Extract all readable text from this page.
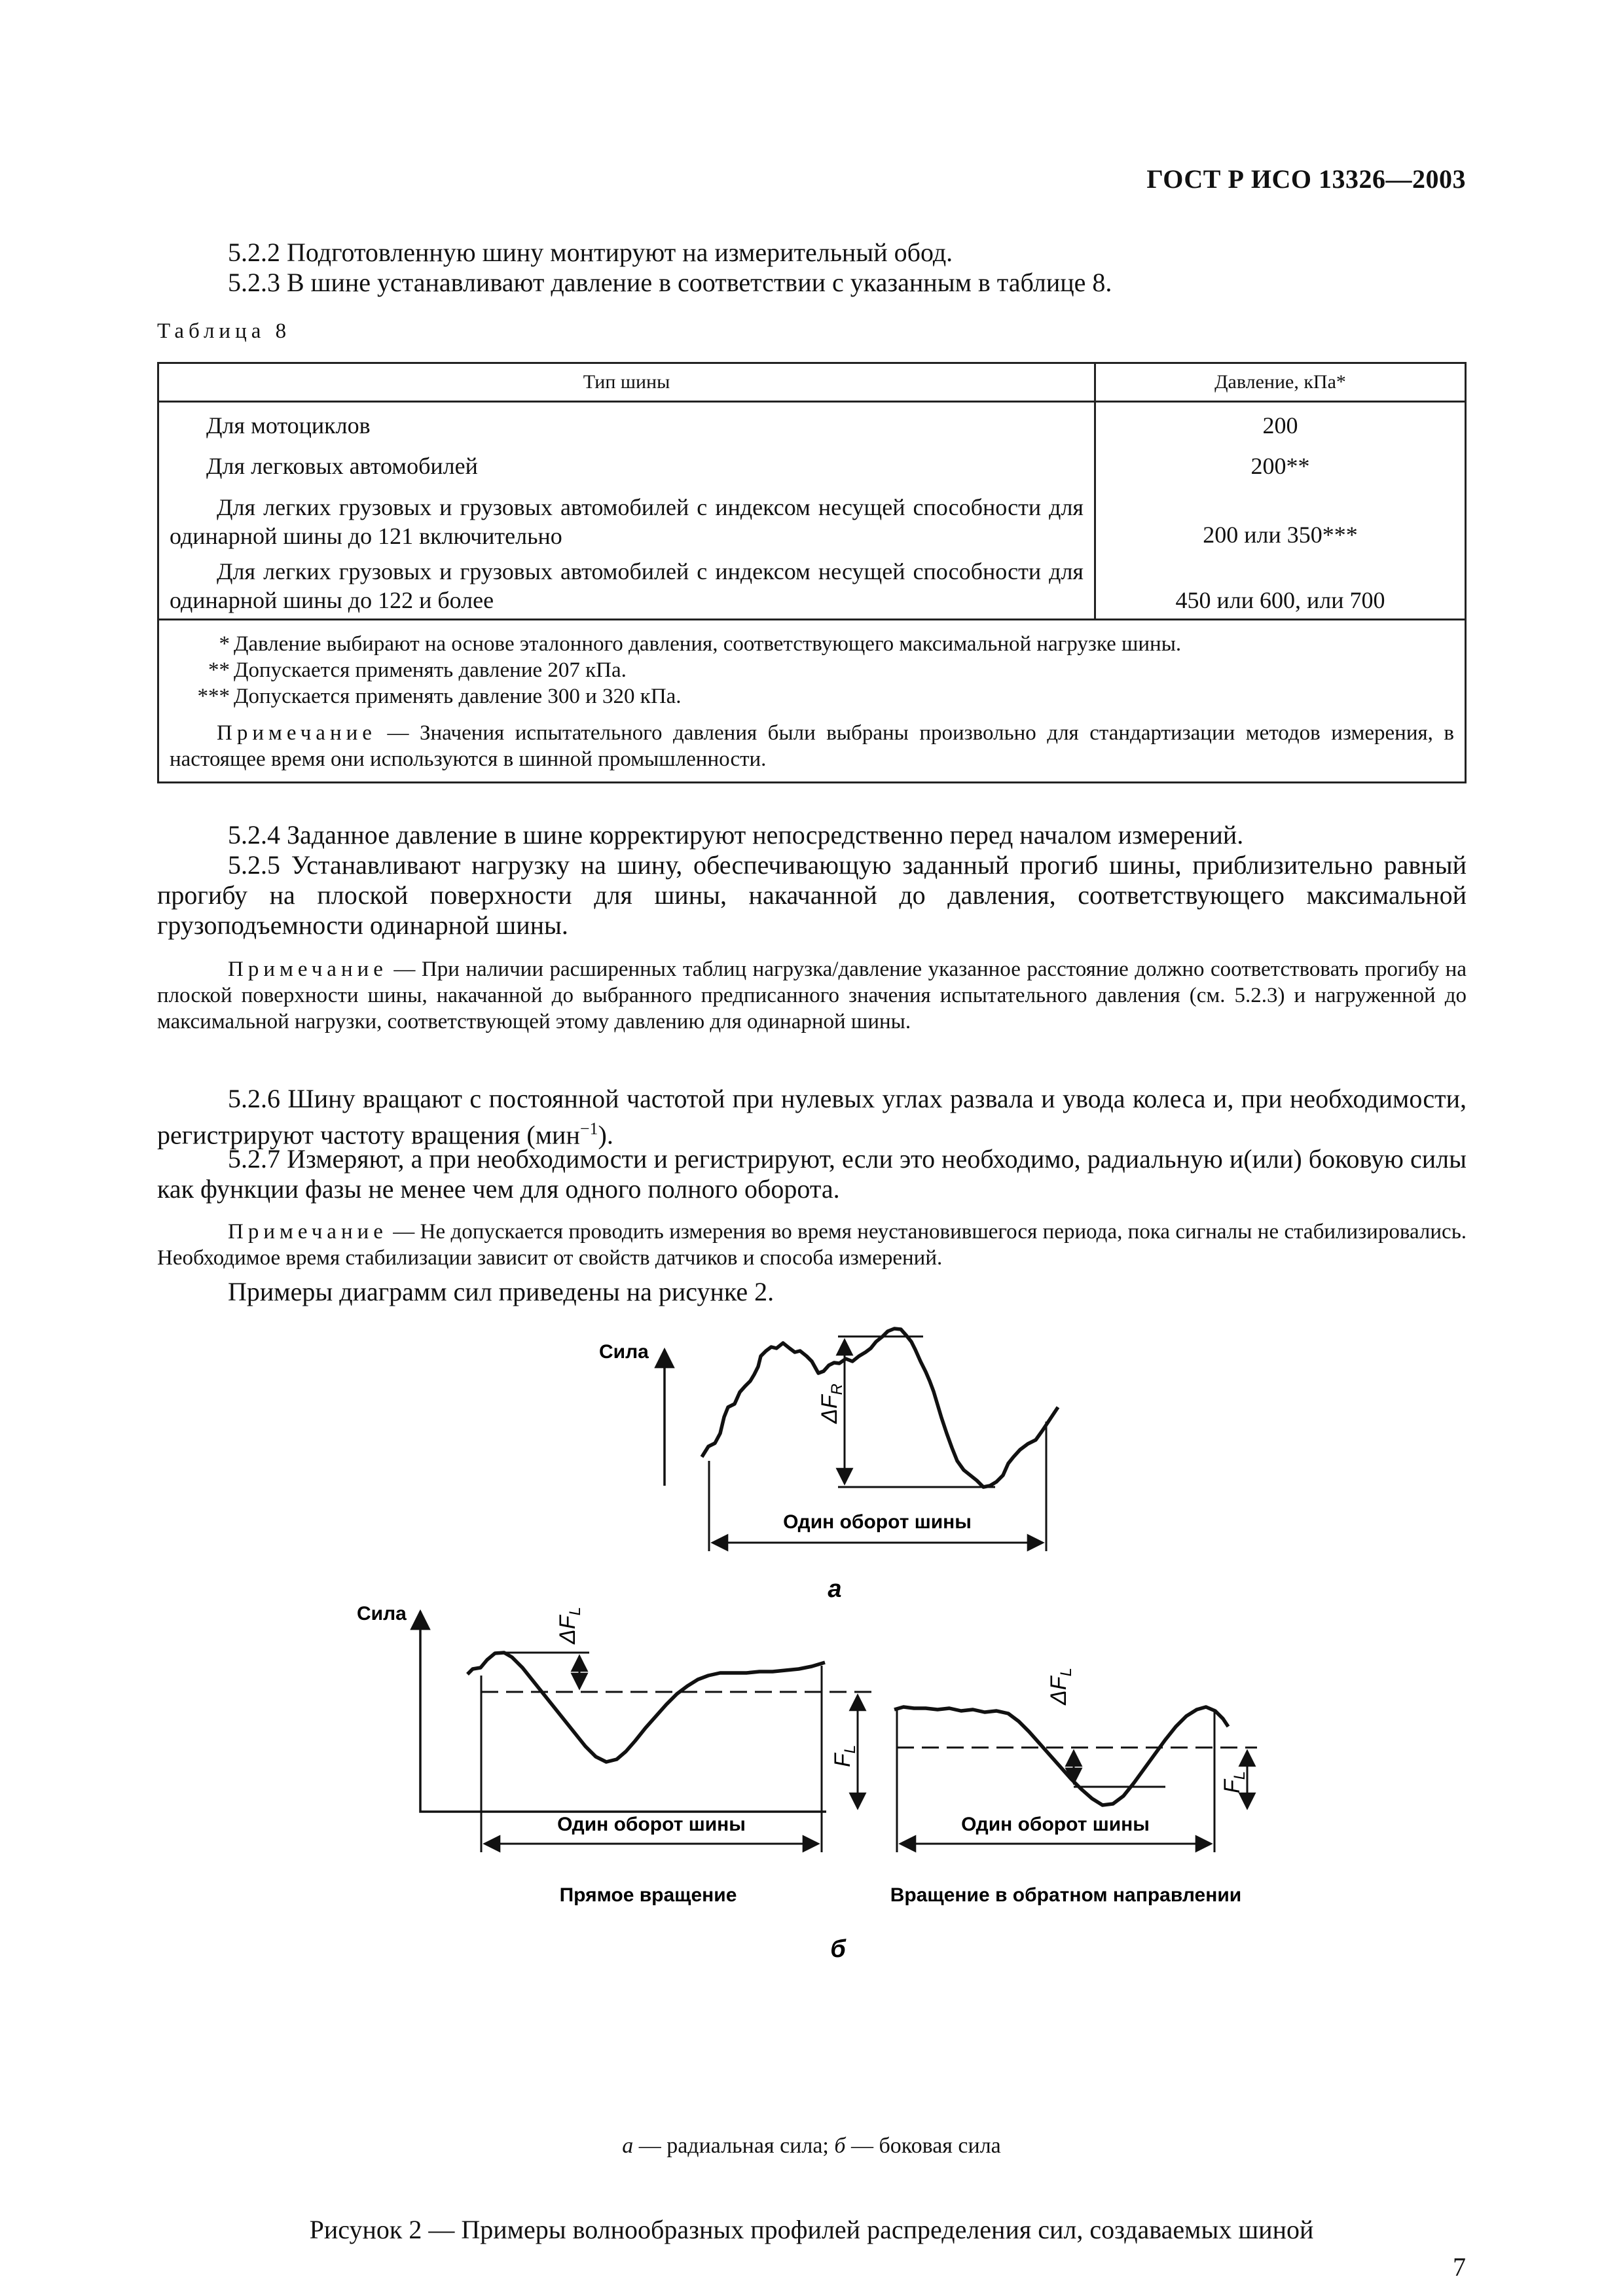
ГОСТ Р ИСО 13326—2003
5.2.2 Подготовленную шину монтируют на измерительный обод.
5.2.3 В шине устанавливают давление в соответствии с указанным в таблице 8.
Таблица 8
Тип шины	Давление, кПа*
Для мотоциклов	200
Для легковых автомобилей	200**
Для легких грузовых и грузовых автомобилей с индексом несущей способности для одинарной шины до 121 включительно	200 или 350***
Для легких грузовых и грузовых автомобилей с индексом несущей способности для одинарной шины до 122 и более	450 или 600, или 700

* Давление выбирают на основе эталонного давления, соответствующего максимальной нагрузке шины.
** Допускается применять давление 207 кПа.
*** Допускается применять давление 300 и 320 кПа.
Примечание — Значения испытательного давления были выбраны произвольно для стандартизации методов измерения, в настоящее время они используются в шинной промышленности.	
5.2.4 Заданное давление в шине корректируют непосредственно перед началом измерений.
5.2.5 Устанавливают нагрузку на шину, обеспечивающую заданный прогиб шины, приблизительно равный прогибу на плоской поверхности для шины, накачанной до давления, соответствующего максимальной грузоподъемности одинарной шины.
Примечание — При наличии расширенных таблиц нагрузка/давление указанное расстояние должно соответствовать прогибу на плоской поверхности шины, накачанной до выбранного предписанного значения испытательного давления (см. 5.2.3) и нагруженной до максимальной нагрузки, соответствующей этому давлению для одинарной шины.
5.2.6 Шину вращают с постоянной частотой при нулевых углах развала и увода колеса и, при необходимости, регистрируют частоту вращения (мин$^{-1}$).
5.2.7 Измеряют, а при необходимости и регистрируют, если это необходимо, радиальную и(или) боковую силы как функции фазы не менее чем для одного полного оборота.
Примечание — Не допускается проводить измерения во время неустановившегося периода, пока сигналы не стабилизировались. Необходимое время стабилизации зависит от свойств датчиков и способа измерений.
Примеры диаграмм сил приведены на рисунке 2.
Сила
$\Delta F_R$
Один оборот шины
а
Сила
$\Delta F_L$
$F_L$
Один оборот шины
Прямое вращение
$\Delta F_L$
$F_L$
Один оборот шины
Вращение в обратном направлении
б
а — радиальная сила; б — боковая сила
Рисунок 2 — Примеры волнообразных профилей распределения сил, создаваемых шиной
7
